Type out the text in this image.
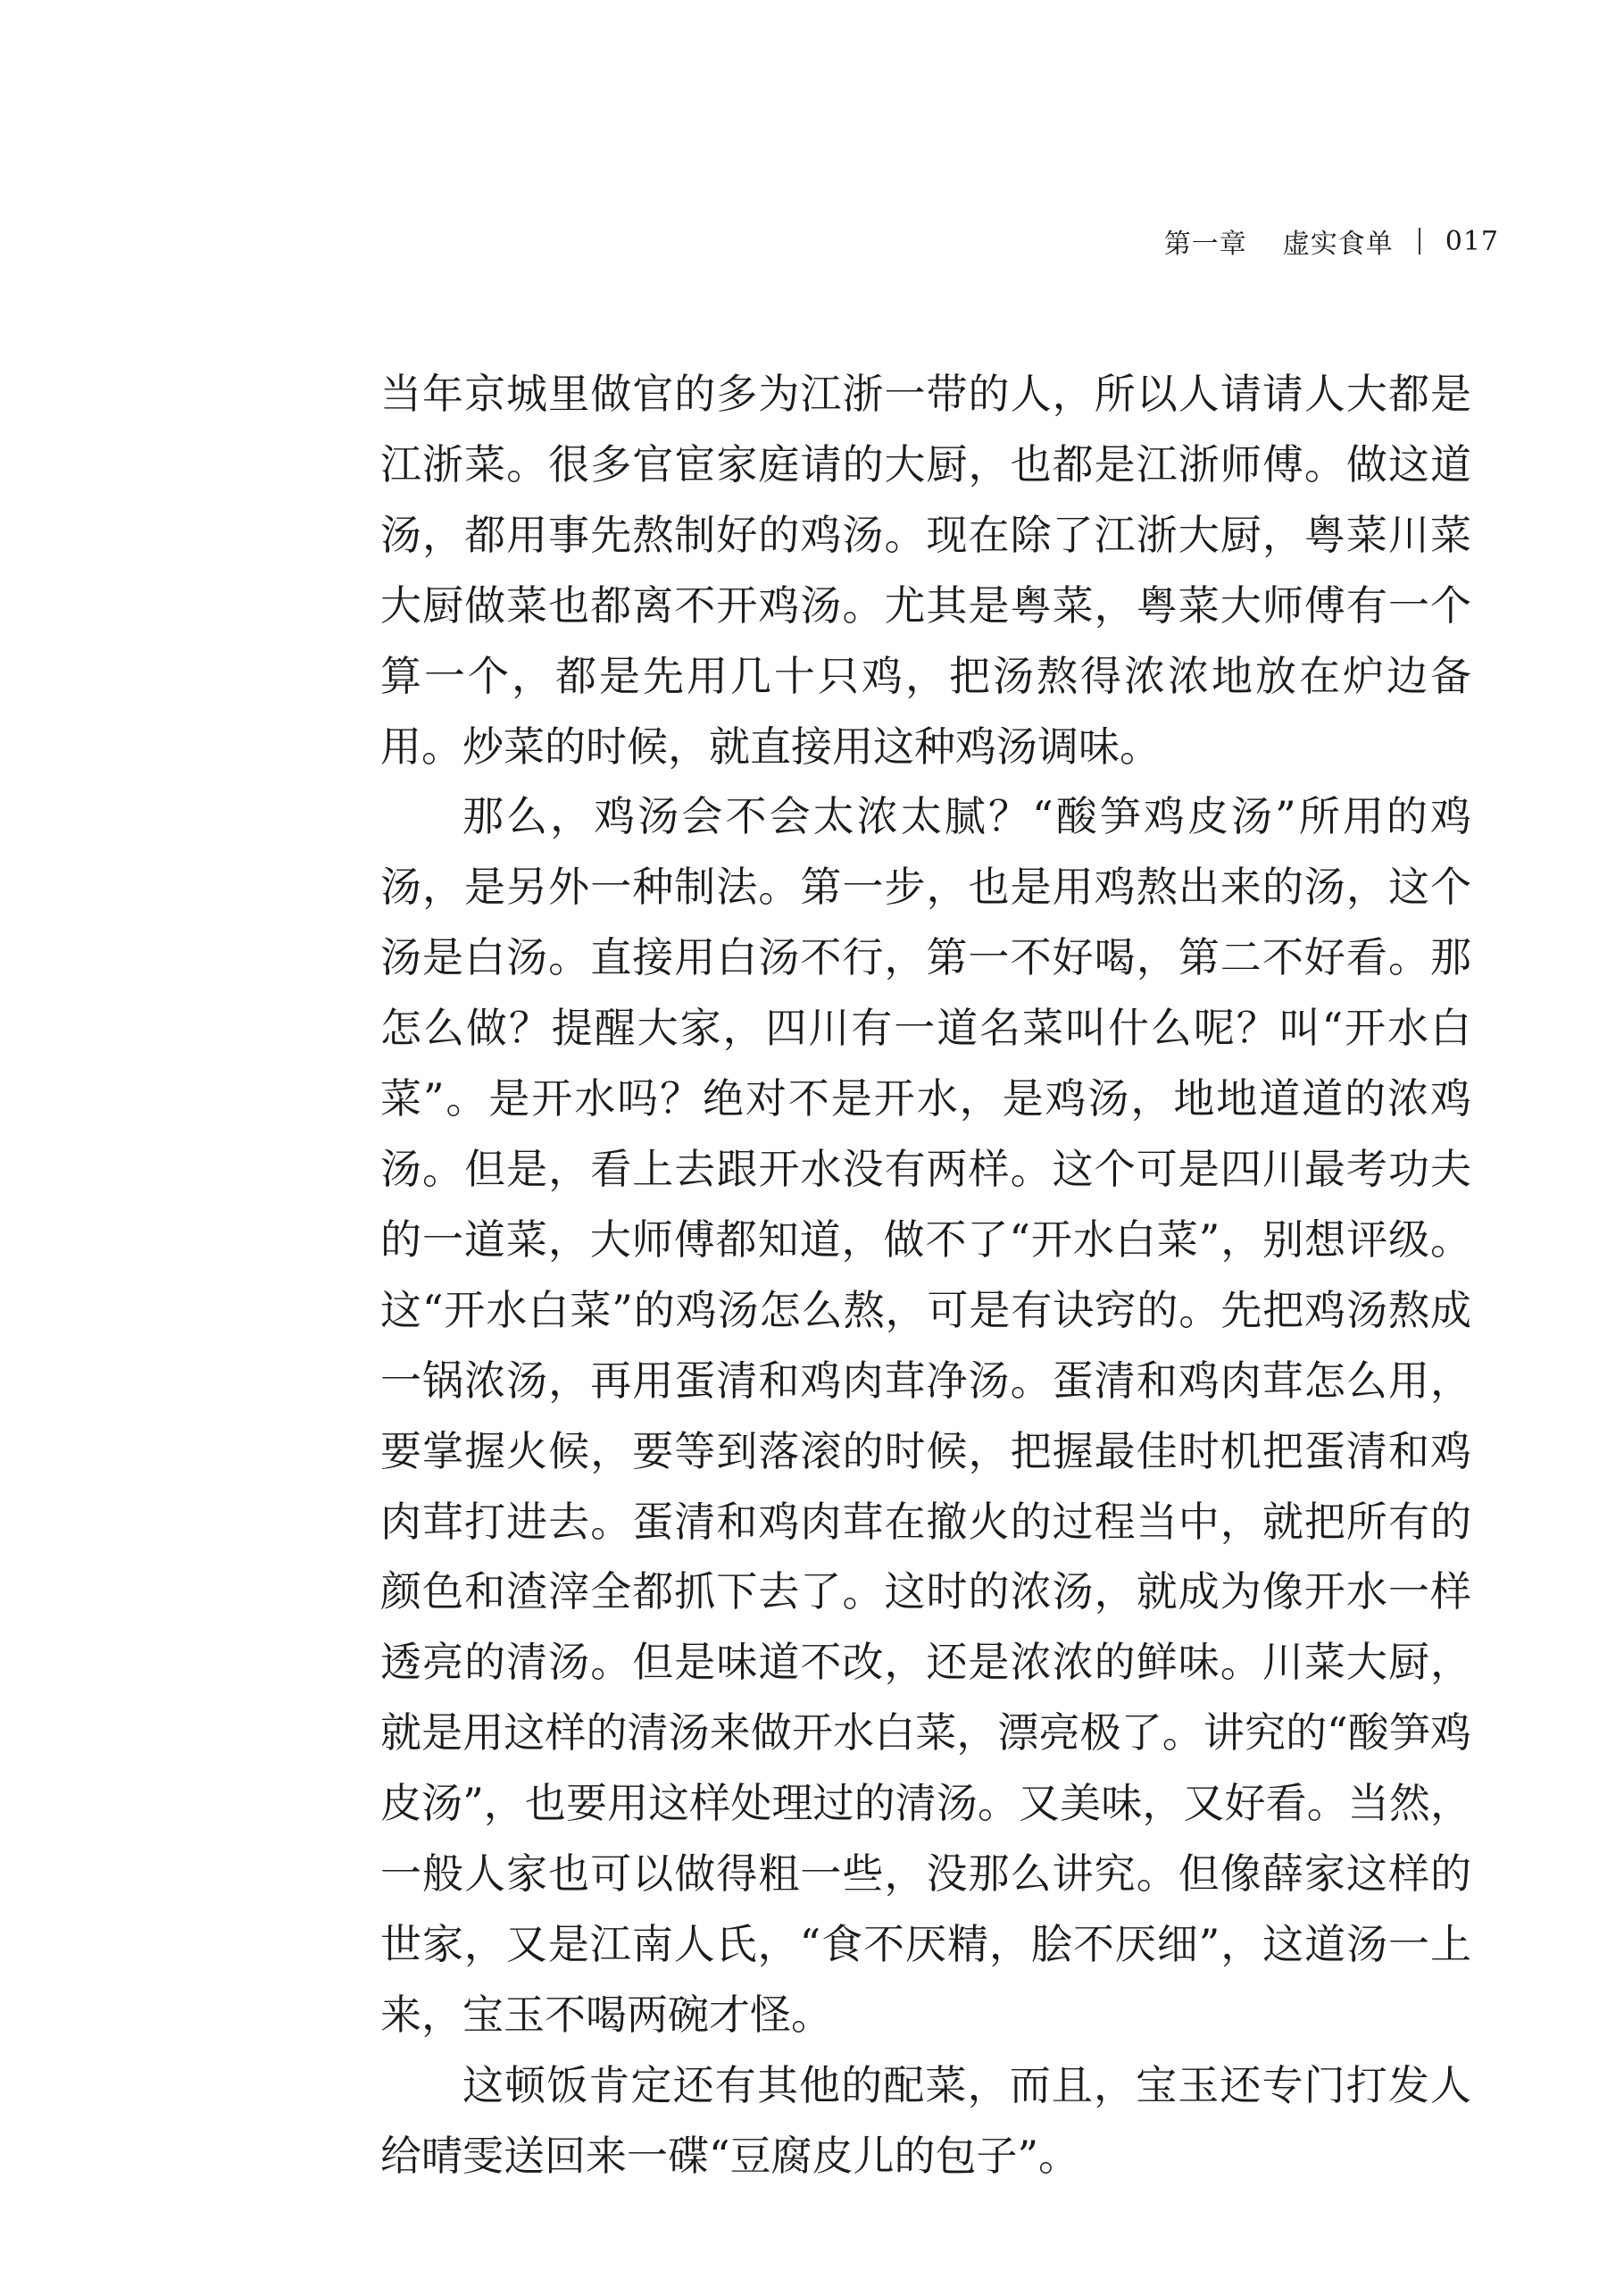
第一章 虚实食单 017

当年京城里做官的多为江浙一带的人，所以人请请人大都是江浙菜。很多官宦家庭请的大厨，也都是江浙师傅。做这道汤，都用事先熬制好的鸡汤。现在除了江浙大厨，粤菜川菜大厨做菜也都离不开鸡汤。尤其是粤菜，粤菜大师傅有一个算一个，都是先用几十只鸡，把汤熬得浓浓地放在炉边备用。炒菜的时候，就直接用这种鸡汤调味。

那么，鸡汤会不会太浓太腻？“酸笋鸡皮汤”所用的鸡汤，是另外一种制法。第一步，也是用鸡熬出来的汤，这个汤是白汤。直接用白汤不行，第一不好喝，第二不好看。那怎么做？提醒大家，四川有一道名菜叫什么呢？叫“开水白菜”。是开水吗？绝对不是开水，是鸡汤，地地道道的浓鸡汤。但是，看上去跟开水没有两样。这个可是四川最考功夫的一道菜，大师傅都知道，做不了“开水白菜”，别想评级。这“开水白菜”的鸡汤怎么熬，可是有诀窍的。先把鸡汤熬成一锅浓汤，再用蛋清和鸡肉茸净汤。蛋清和鸡肉茸怎么用，要掌握火候，要等到落滚的时候，把握最佳时机把蛋清和鸡肉茸打进去。蛋清和鸡肉茸在撤火的过程当中，就把所有的颜色和渣滓全都抓下去了。这时的浓汤，就成为像开水一样透亮的清汤。但是味道不改，还是浓浓的鲜味。川菜大厨，就是用这样的清汤来做开水白菜，漂亮极了。讲究的“酸笋鸡皮汤”，也要用这样处理过的清汤。又美味，又好看。当然，一般人家也可以做得粗一些，没那么讲究。但像薛家这样的世家，又是江南人氏，“食不厌精，脍不厌细”，这道汤一上来，宝玉不喝两碗才怪。

这顿饭肯定还有其他的配菜，而且，宝玉还专门打发人给晴雯送回来一碟“豆腐皮儿的包子”。
